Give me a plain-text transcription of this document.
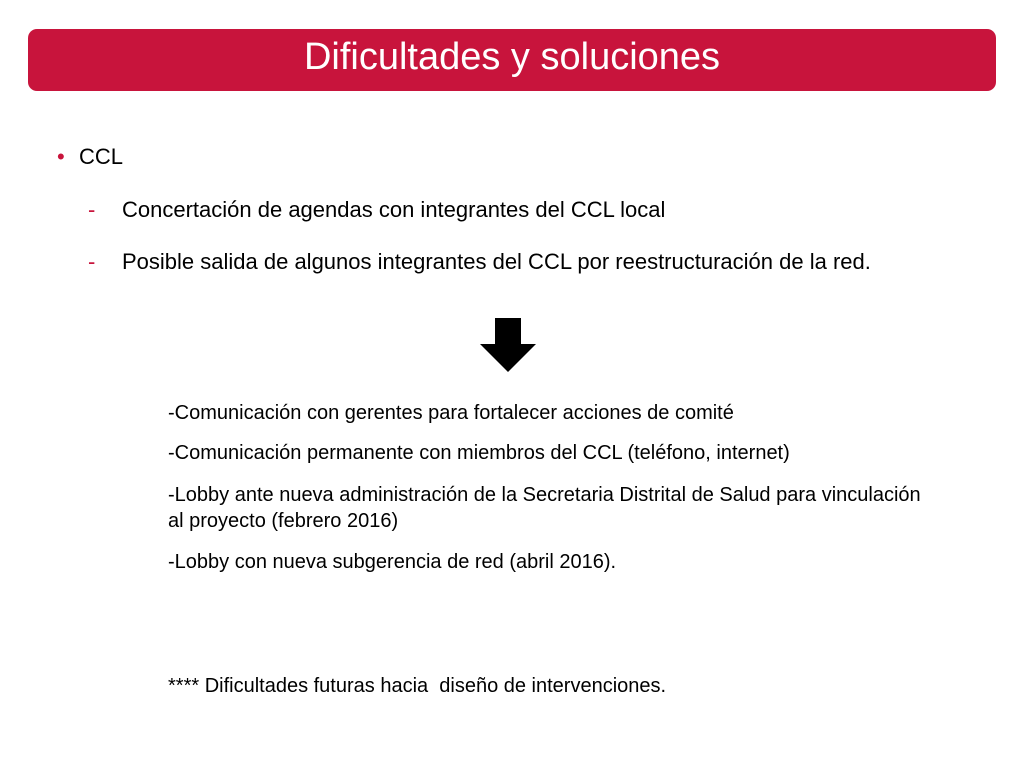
Dificultades y soluciones
• CCL
-	Concertación de agendas con integrantes del CCL local
-	Posible salida de algunos integrantes del CCL por reestructuración de la red.
-Comunicación con gerentes para fortalecer acciones de comité
-Comunicación permanente con miembros del CCL (teléfono, internet)
-Lobby ante nueva administración de la Secretaria Distrital de Salud para vinculación al proyecto (febrero 2016)
-Lobby con nueva subgerencia de red (abril 2016).
**** Dificultades futuras hacia  diseño de intervenciones.
